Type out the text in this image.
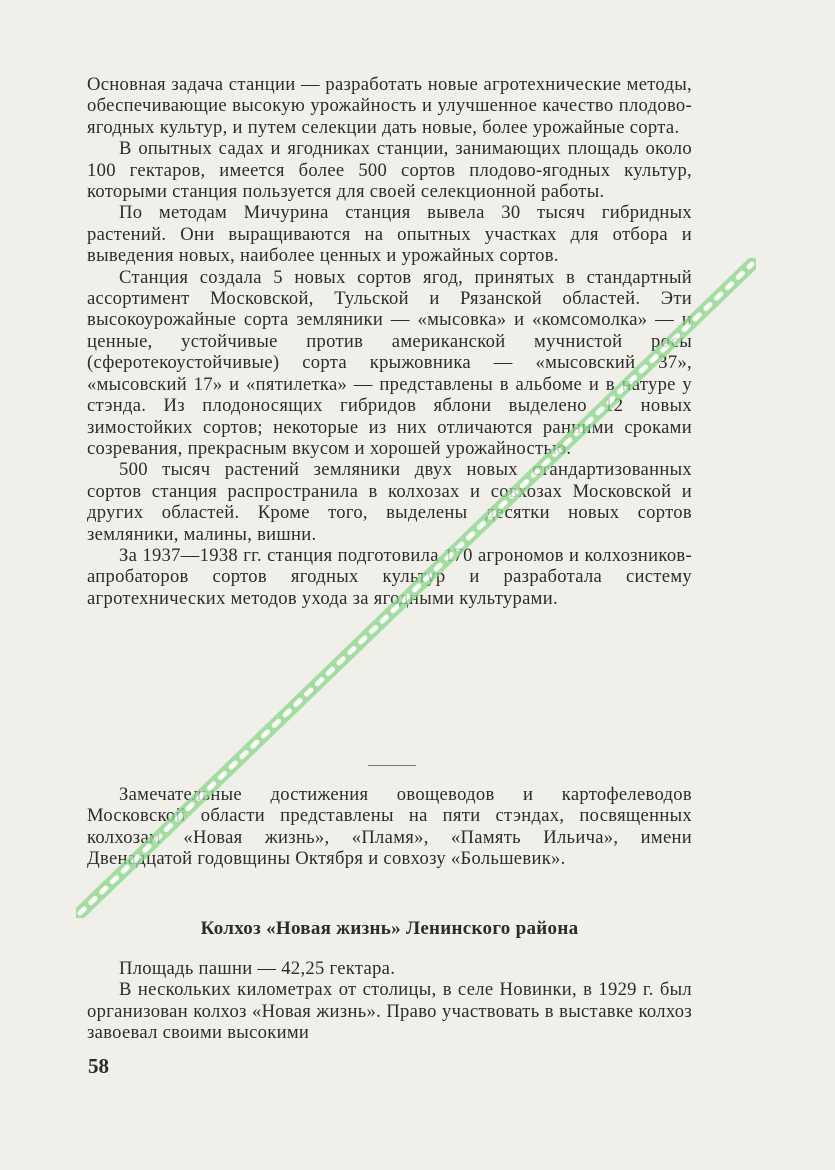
Основная задача станции — разработать новые агротехнические методы, обеспечивающие высокую урожайность и улучшенное качество плодово-ягодных культур, и путем селекции дать новые, более урожайные сорта.

В опытных садах и ягодниках станции, занимающих площадь около 100 гектаров, имеется более 500 сортов плодово-ягодных культур, которыми станция пользуется для своей селекционной работы.

По методам Мичурина станция вывела 30 тысяч гибридных растений. Они выращиваются на опытных участках для отбора и выведения новых, наиболее ценных и урожайных сортов.

Станция создала 5 новых сортов ягод, принятых в стандартный ассортимент Московской, Тульской и Рязанской областей. Эти высокоурожайные сорта земляники — «мысовка» и «комсомолка» — и ценные, устойчивые против американской мучнистой росы (сферотекоустойчивые) сорта крыжовника — «мысовский 37», «мысовский 17» и «пятилетка» — представлены в альбоме и в натуре у стэнда. Из плодоносящих гибридов яблони выделено 12 новых зимостойких сортов; некоторые из них отличаются ранними сроками созревания, прекрасным вкусом и хорошей урожайностью.

500 тысяч растений земляники двух новых стандартизованных сортов станция распространила в колхозах и совхозах Московской и других областей. Кроме того, выделены десятки новых сортов земляники, малины, вишни.

За 1937—1938 гг. станция подготовила 170 агрономов и колхозников-апробаторов сортов ягодных культур и разработала систему агротехнических методов ухода за ягодными культурами.

Замечательные достижения овощеводов и картофелеводов Московской области представлены на пяти стэндах, посвященных колхозам «Новая жизнь», «Пламя», «Память Ильича», имени Двенадцатой годовщины Октября и совхозу «Большевик».

Колхоз «Новая жизнь» Ленинского района

Площадь пашни — 42,25 гектара.

В нескольких километрах от столицы, в селе Новинки, в 1929 г. был организован колхоз «Новая жизнь». Право участвовать в выставке колхоз завоевал своими высокими

58
